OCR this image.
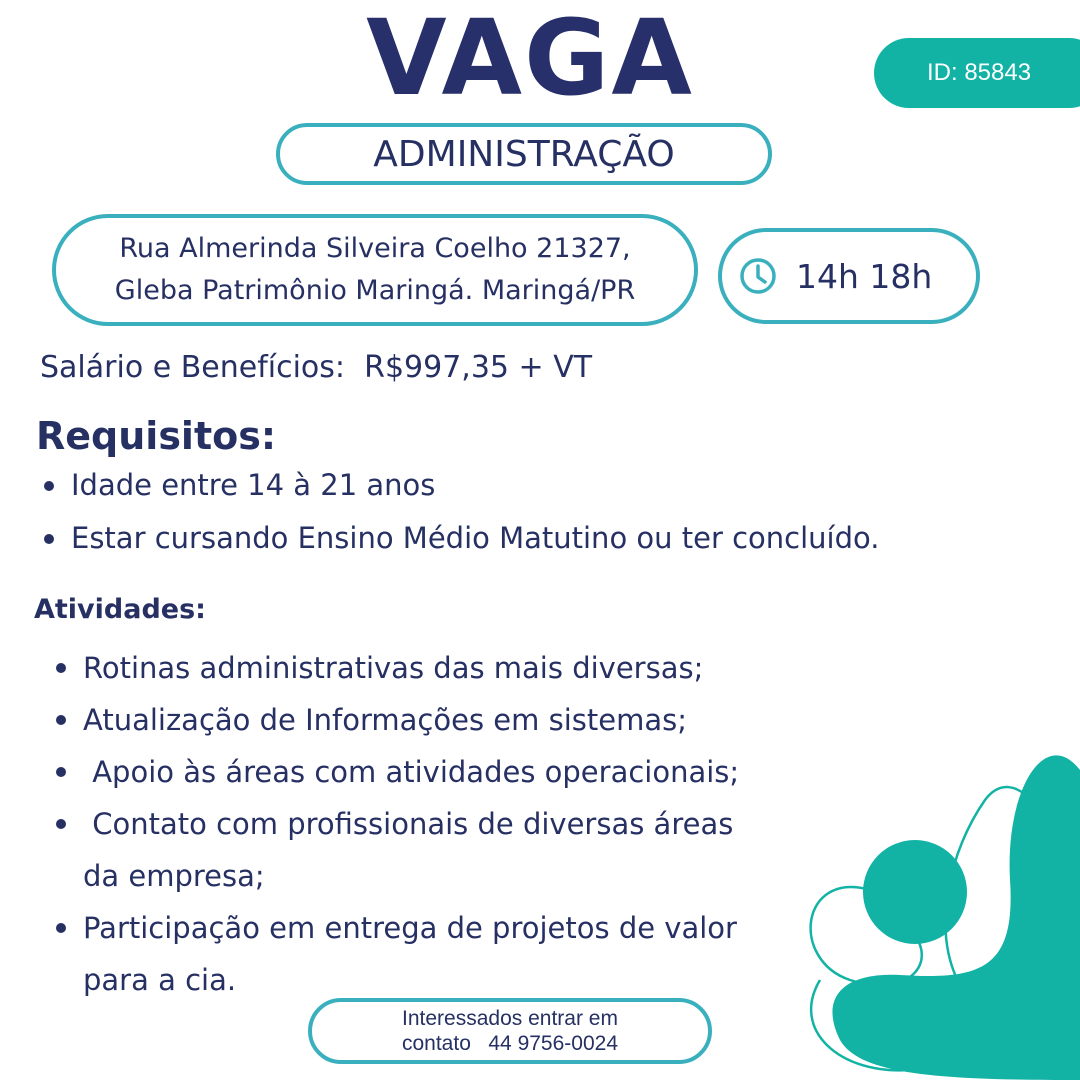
VAGA	ID: 85843
ADMINISTRAÇÃO
Rua Almerinda Silveira Coelho 21327,
Gleba Patrimônio Maringá. Maringá/PR	14h 18h
Salário e Benefícios:  R$997,35 + VT
Requisitos:
Idade entre 14 à 21 anos
Estar cursando Ensino Médio Matutino ou ter concluído.
Atividades:
Rotinas administrativas das mais diversas;
Atualização de Informações em sistemas;
Apoio às áreas com atividades operacionais;
Contato com profissionais de diversas áreas da empresa;
Participação em entrega de projetos de valor para a cia.
Interessados entrar em
contato   44 9756-0024
